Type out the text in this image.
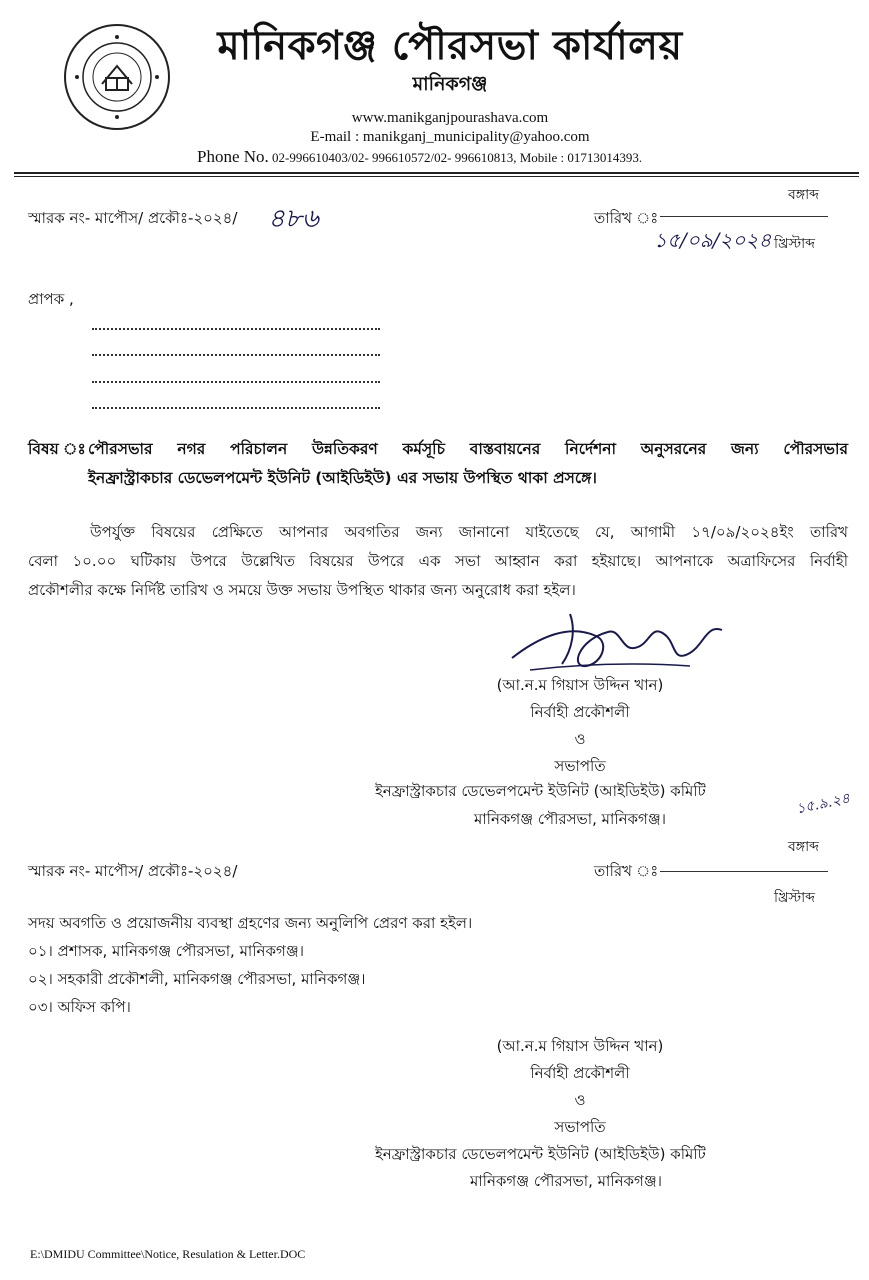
মানিকগঞ্জ পৌরসভা কার্যালয়
মানিকগঞ্জ
www.manikganjpourashava.com
E-mail : manikganj_municipality@yahoo.com
Phone No. 02-996610403/02- 996610572/02- 996610813, Mobile : 01713014393.
বঙ্গাব্দ
স্মারক নং- মাপৌস/ প্রকৌঃ-২০২৪/ ৪৮৬	তারিখ ঃ
১৫/০৯/২০২৪ খ্রিস্টাব্দ
প্রাপক ,
বিষয় ঃ পৌরসভার নগর পরিচালন উন্নতিকরণ কর্মসূচি বাস্তবায়নের নির্দেশনা অনুসরনের জন্য পৌরসভার
ইনফ্রাস্ট্রাকচার ডেভেলপমেন্ট ইউনিট (আইডিইউ) এর সভায় উপস্থিত থাকা প্রসঙ্গে।
উপর্যুক্ত বিষয়ের প্রেক্ষিতে আপনার অবগতির জন্য জানানো যাইতেছে যে, আগামী ১৭/০৯/২০২৪ইং তারিখ
বেলা ১০.০০ ঘটিকায় উপরে উল্লেখিত বিষয়ের উপরে এক সভা আহ্বান করা হইয়াছে। আপনাকে অত্রাফিসের নির্বাহী
প্রকৌশলীর কক্ষে নির্দিষ্ট তারিখ ও সময়ে উক্ত সভায় উপস্থিত থাকার জন্য অনুরোধ করা হইল।
(আ.ন.ম গিয়াস উদ্দিন খান)
নির্বাহী প্রকৌশলী
ও
সভাপতি
ইনফ্রাস্ট্রাকচার ডেভেলপমেন্ট ইউনিট (আইডিইউ) কমিটি
মানিকগঞ্জ পৌরসভা, মানিকগঞ্জ।
১৫.৯.২৪
বঙ্গাব্দ
স্মারক নং- মাপৌস/ প্রকৌঃ-২০২৪/	তারিখ ঃ
খ্রিস্টাব্দ
সদয় অবগতি ও প্রয়োজনীয় ব্যবস্থা গ্রহণের জন্য অনুলিপি প্রেরণ করা হইল।
০১। প্রশাসক, মানিকগঞ্জ পৌরসভা, মানিকগঞ্জ।
০২। সহকারী প্রকৌশলী, মানিকগঞ্জ পৌরসভা, মানিকগঞ্জ।
০৩। অফিস কপি।
(আ.ন.ম গিয়াস উদ্দিন খান)
নির্বাহী প্রকৌশলী
ও
সভাপতি
ইনফ্রাস্ট্রাকচার ডেভেলপমেন্ট ইউনিট (আইডিইউ) কমিটি
মানিকগঞ্জ পৌরসভা, মানিকগঞ্জ।
E:\DMIDU Committee\Notice, Resulation & Letter.DOC
